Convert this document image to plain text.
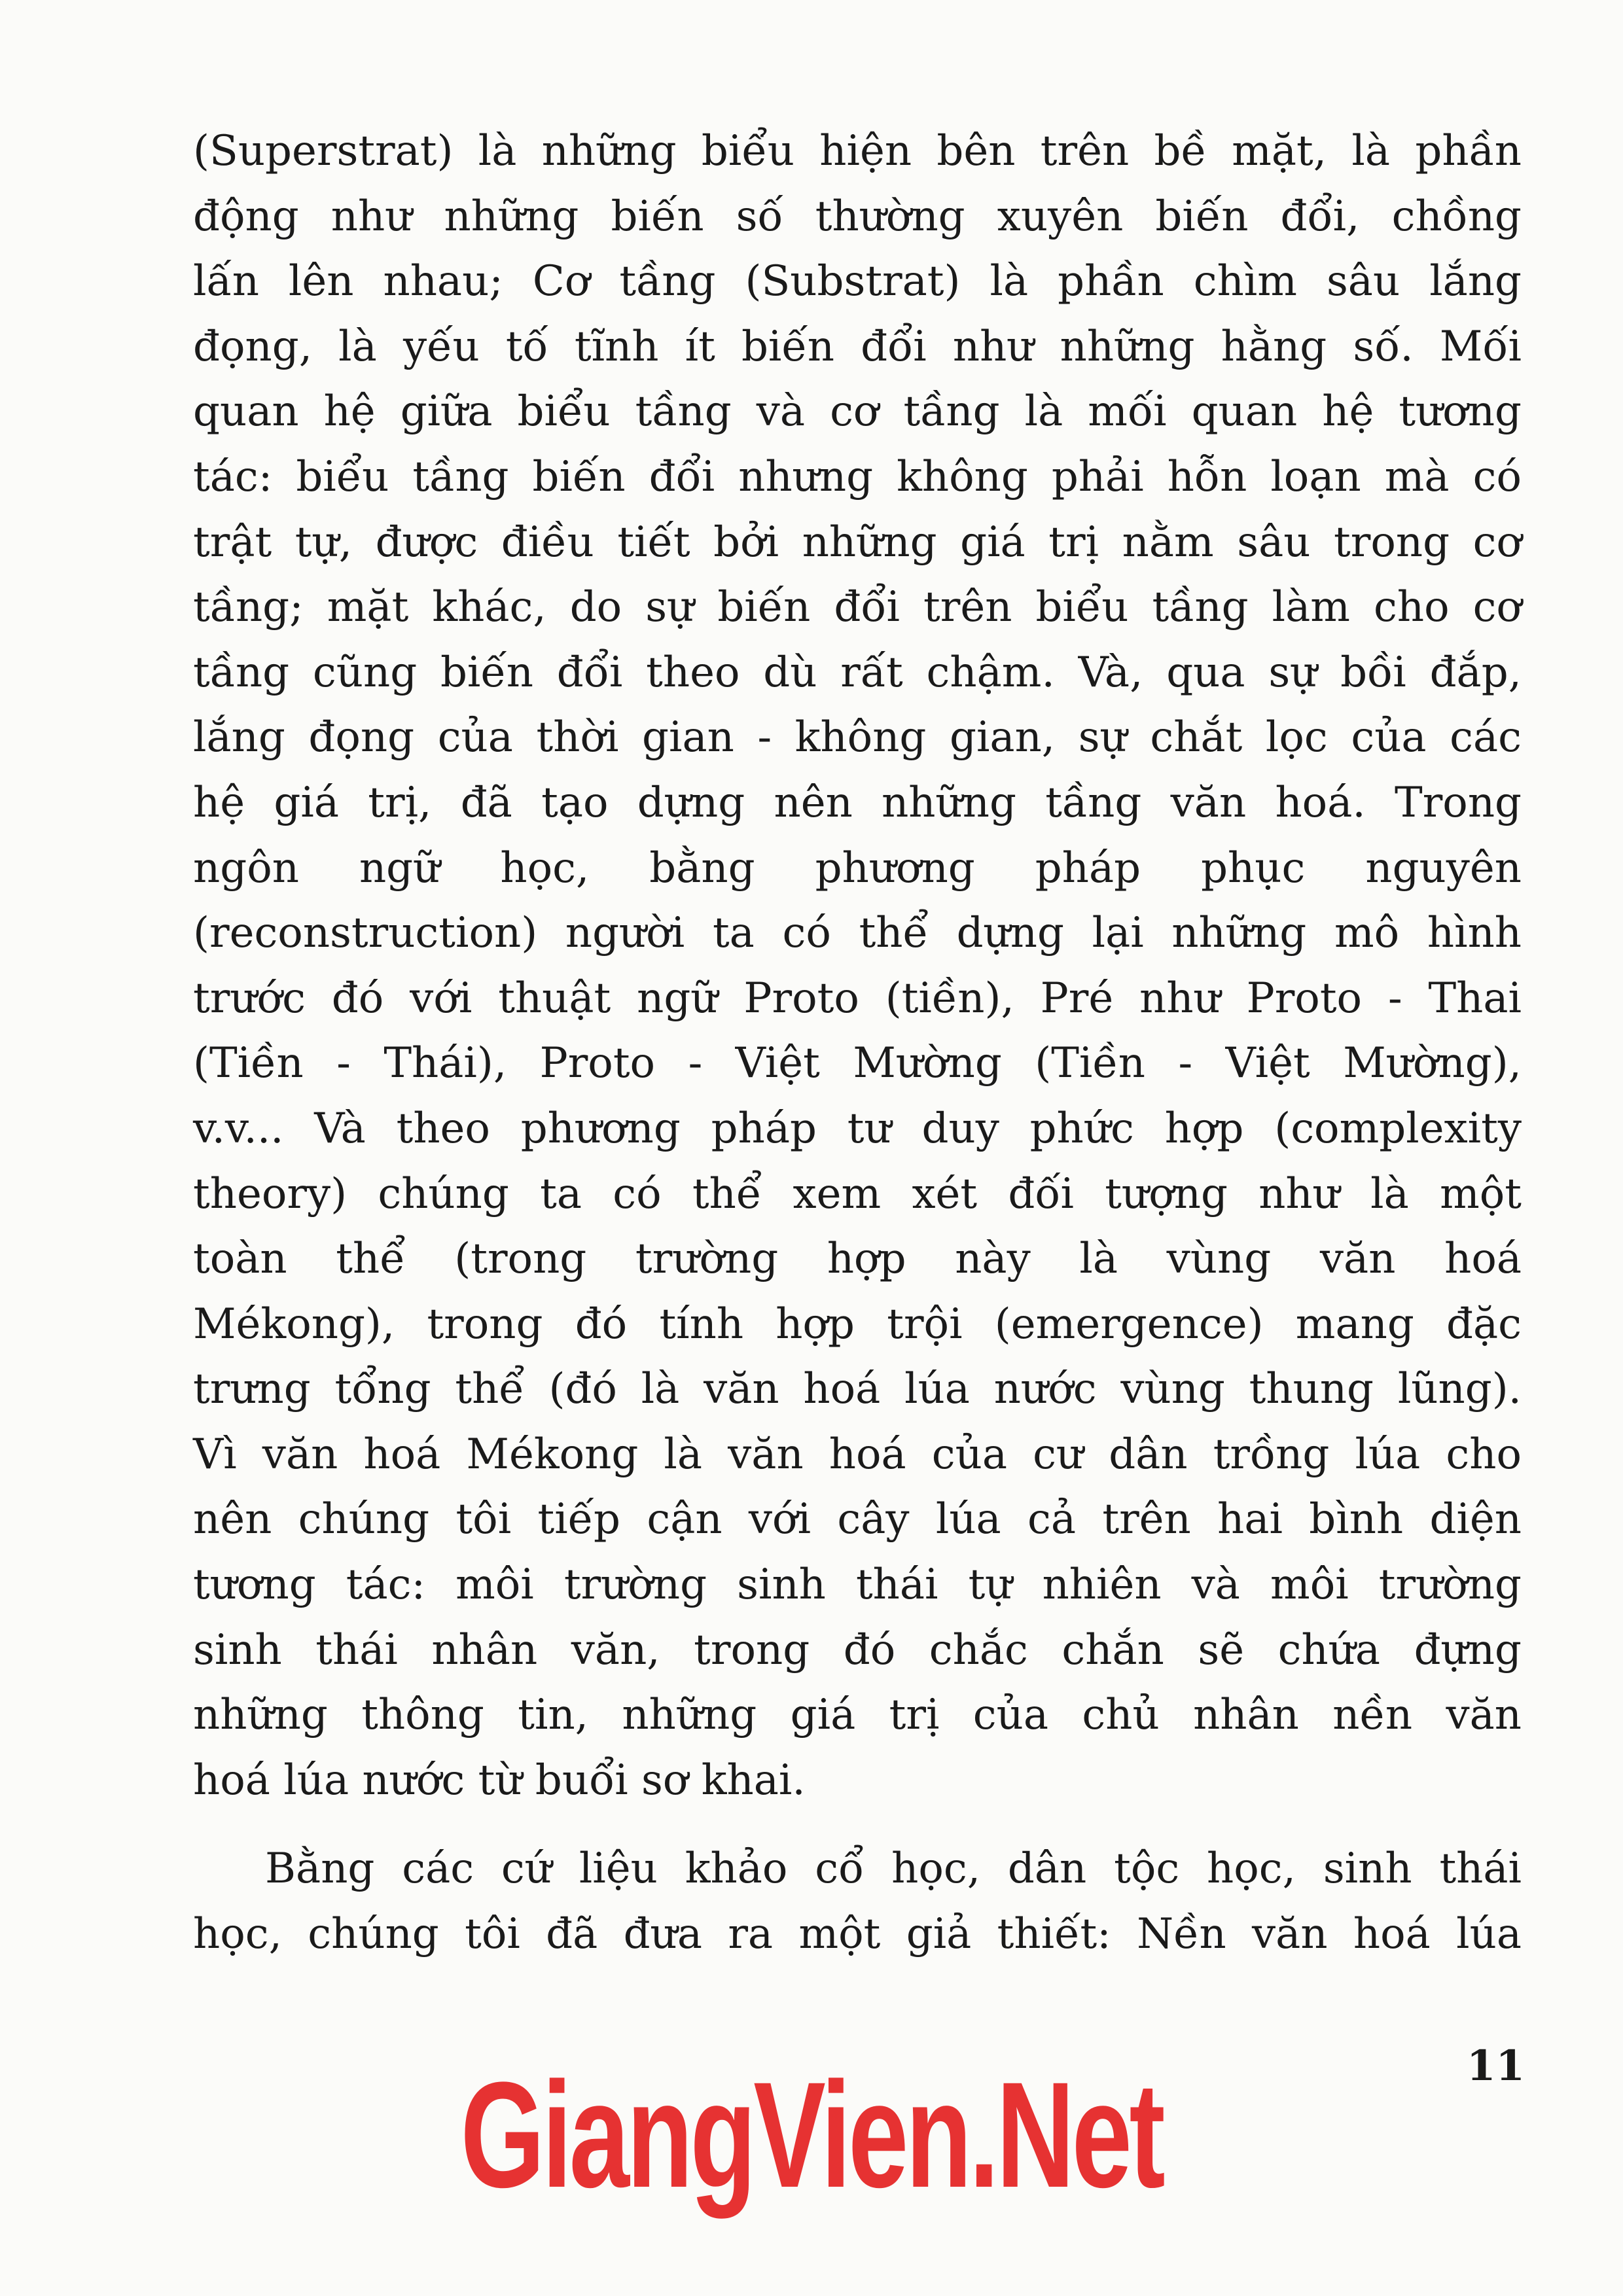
(Superstrat) là những biểu hiện bên trên bề mặt, là phần
động như những biến số thường xuyên biến đổi, chồng
lấn lên nhau; Cơ tầng (Substrat) là phần chìm sâu lắng
đọng, là yếu tố tĩnh ít biến đổi như những hằng số. Mối
quan hệ giữa biểu tầng và cơ tầng là mối quan hệ tương
tác: biểu tầng biến đổi nhưng không phải hỗn loạn mà có
trật tự, được điều tiết bởi những giá trị nằm sâu trong cơ
tầng; mặt khác, do sự biến đổi trên biểu tầng làm cho cơ
tầng cũng biến đổi theo dù rất chậm. Và, qua sự bồi đắp,
lắng đọng của thời gian - không gian, sự chắt lọc của các
hệ giá trị, đã tạo dựng nên những tầng văn hoá. Trong
ngôn ngữ học, bằng phương pháp phục nguyên
(reconstruction) người ta có thể dựng lại những mô hình
trước đó với thuật ngữ Proto (tiền), Pré như Proto - Thai
(Tiền - Thái), Proto - Việt Mường (Tiền - Việt Mường),
v.v... Và theo phương pháp tư duy phức hợp (complexity
theory) chúng ta có thể xem xét đối tượng như là một
toàn thể (trong trường hợp này là vùng văn hoá
Mékong), trong đó tính hợp trội (emergence) mang đặc
trưng tổng thể (đó là văn hoá lúa nước vùng thung lũng).
Vì văn hoá Mékong là văn hoá của cư dân trồng lúa cho
nên chúng tôi tiếp cận với cây lúa cả trên hai bình diện
tương tác: môi trường sinh thái tự nhiên và môi trường
sinh thái nhân văn, trong đó chắc chắn sẽ chứa đựng
những thông tin, những giá trị của chủ nhân nền văn
hoá lúa nước từ buổi sơ khai.
Bằng các cứ liệu khảo cổ học, dân tộc học, sinh thái
học, chúng tôi đã đưa ra một giả thiết: Nền văn hoá lúa
11
GiangVien.Net
